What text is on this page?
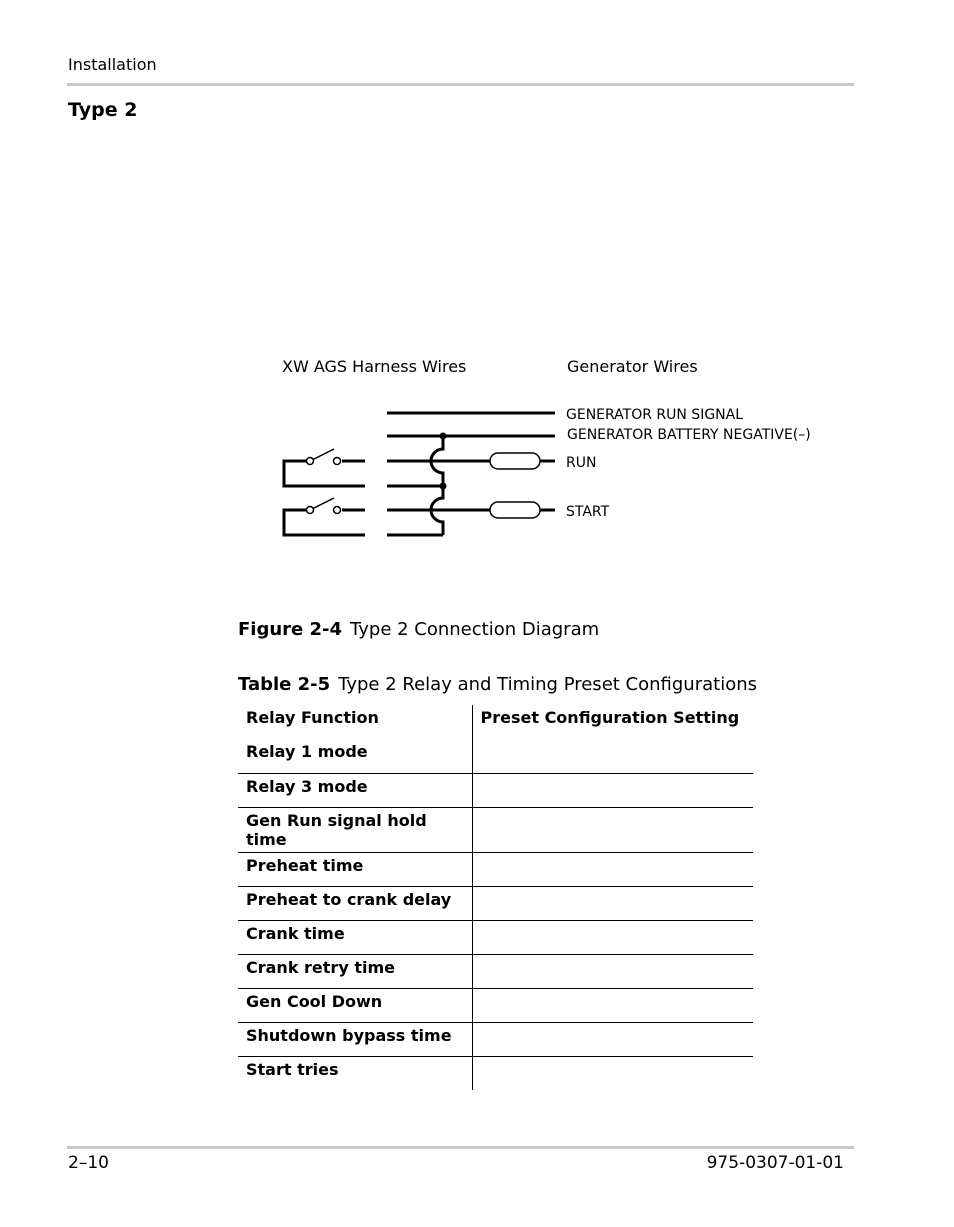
Installation
Type 2
XW AGS Harness Wires	Generator Wires
GENERATOR RUN SIGNAL
GENERATOR BATTERY NEGATIVE(–)
RUN
START
Figure 2-4 Type 2 Connection Diagram
Table 2-5 Type 2 Relay and Timing Preset Configurations
Relay Function	Preset Configuration Setting
Relay 1 mode	
Relay 3 mode	
Gen Run signal hold time	
Preheat time	
Preheat to crank delay	
Crank time	
Crank retry time	
Gen Cool Down	
Shutdown bypass time	
Start tries	
2–10	975-0307-01-01
